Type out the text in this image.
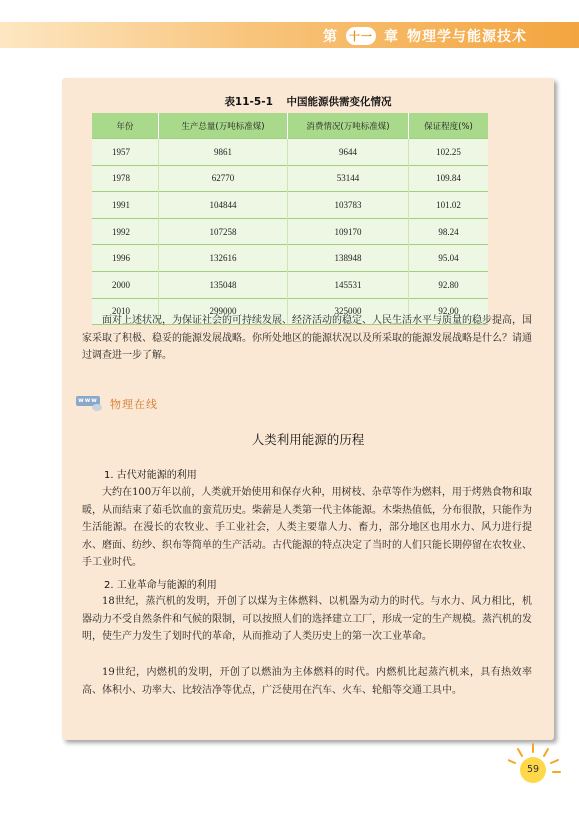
第 十一 章 物理学与能源技术
表11-5-1 中国能源供需变化情况
年份	生产总量(万吨标准煤)	消费情况(万吨标准煤)	保证程度(%)
1957	9861	9644	102.25
1978	62770	53144	109.84
1991	104844	103783	101.02
1992	107258	109170	98.24
1996	132616	138948	95.04
2000	135048	145531	92.80
2010	299000	325000	92.00
面对上述状况，为保证社会的可持续发展、经济活动的稳定、人民生活水平与质量的稳步提高，国家采取了积极、稳妥的能源发展战略。你所处地区的能源状况以及所采取的能源发展战略是什么？请通过调查进一步了解。
www 物理在线
人类利用能源的历程
1. 古代对能源的利用
大约在100万年以前，人类就开始使用和保存火种，用树枝、杂草等作为燃料，用于烤熟食物和取暖，从而结束了茹毛饮血的蛮荒历史。柴薪是人类第一代主体能源。木柴热值低，分布很散，只能作为生活能源。在漫长的农牧业、手工业社会，人类主要靠人力、畜力，部分地区也用水力、风力进行提水、磨面、纺纱、织布等简单的生产活动。古代能源的特点决定了当时的人们只能长期停留在农牧业、手工业时代。
2. 工业革命与能源的利用
18世纪，蒸汽机的发明，开创了以煤为主体燃料、以机器为动力的时代。与水力、风力相比，机器动力不受自然条件和气候的限制，可以按照人们的选择建立工厂，形成一定的生产规模。蒸汽机的发明，使生产力发生了划时代的革命，从而推动了人类历史上的第一次工业革命。
19世纪，内燃机的发明，开创了以燃油为主体燃料的时代。内燃机比起蒸汽机来，具有热效率高、体积小、功率大、比较洁净等优点，广泛使用在汽车、火车、轮船等交通工具中。
59
